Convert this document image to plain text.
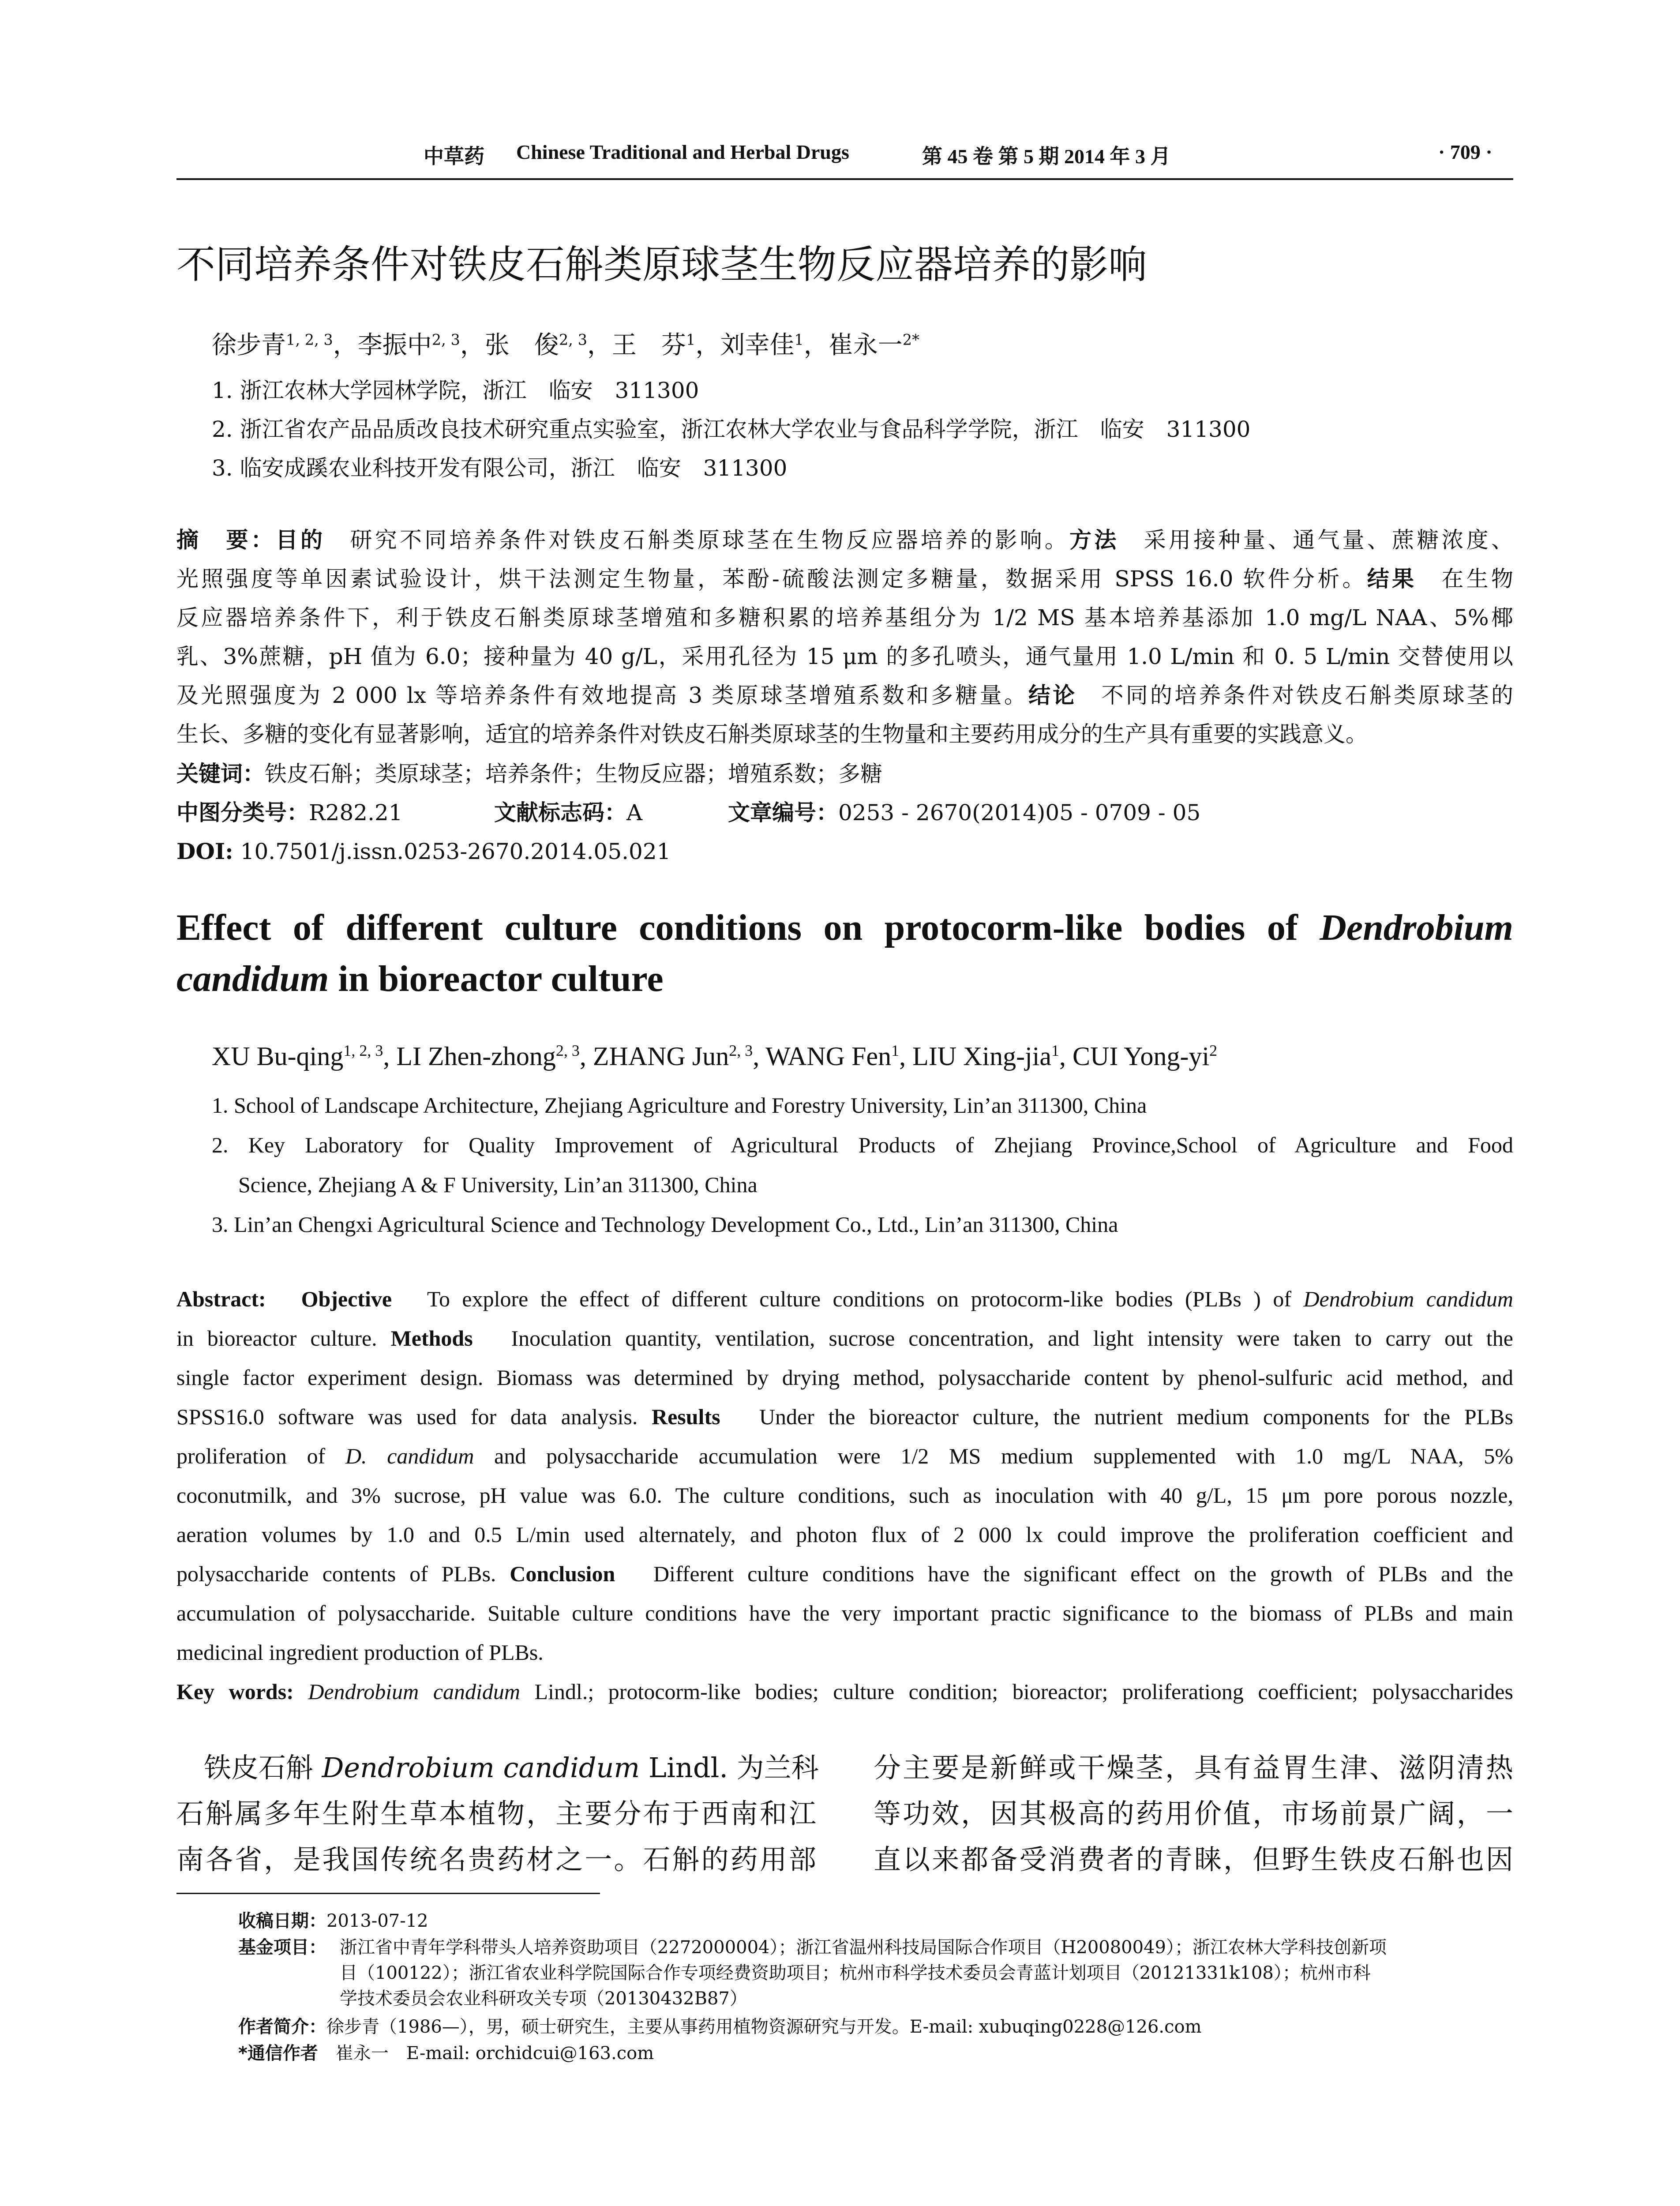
中草药 Chinese Traditional and Herbal Drugs	第 45 卷 第 5 期 2014 年 3 月	· 709 ·
不同培养条件对铁皮石斛类原球茎生物反应器培养的影响
徐步青$^{1, 2, 3}$，李振中$^{2, 3}$，张　俊$^{2, 3}$，王　芬$^1$，刘幸佳$^1$，崔永一$^{2*}$
1. 浙江农林大学园林学院，浙江　临安　311300
2. 浙江省农产品品质改良技术研究重点实验室，浙江农林大学农业与食品科学学院，浙江　临安　311300
3. 临安成蹊农业科技开发有限公司，浙江　临安　311300
摘　要：目的　研究不同培养条件对铁皮石斛类原球茎在生物反应器培养的影响。方法　采用接种量、通气量、蔗糖浓度、
光照强度等单因素试验设计，烘干法测定生物量，苯酚-硫酸法测定多糖量，数据采用 SPSS 16.0 软件分析。结果　在生物
反应器培养条件下，利于铁皮石斛类原球茎增殖和多糖积累的培养基组分为 1/2 MS 基本培养基添加 1.0 mg/L NAA、5%椰
乳、3%蔗糖，pH 值为 6.0；接种量为 40 g/L，采用孔径为 15 μm 的多孔喷头，通气量用 1.0 L/min 和 0. 5 L/min 交替使用以
及光照强度为 2 000 lx 等培养条件有效地提高 3 类原球茎增殖系数和多糖量。结论　不同的培养条件对铁皮石斛类原球茎的
生长、多糖的变化有显著影响，适宜的培养条件对铁皮石斛类原球茎的生物量和主要药用成分的生产具有重要的实践意义。
关键词：铁皮石斛；类原球茎；培养条件；生物反应器；增殖系数；多糖
中图分类号：R282.21	文献标志码：A	文章编号：0253 - 2670(2014)05 - 0709 - 05
DOI: 10.7501/j.issn.0253-2670.2014.05.021
Effect of different culture conditions on protocorm-like bodies of Dendrobium
candidum in bioreactor culture
XU Bu-qing$^{1, 2, 3}$, LI Zhen-zhong$^{2, 3}$, ZHANG Jun$^{2, 3}$, WANG Fen$^1$, LIU Xing-jia$^1$, CUI Yong-$yi^2$
1. School of Landscape Architecture, Zhejiang Agriculture and Forestry University, Lin’an 311300, China
2. Key Laboratory for Quality Improvement of Agricultural Products of Zhejiang Province,School of Agriculture and Food
Science, Zhejiang A & F University, Lin’an 311300, China
3. Lin’an Chengxi Agricultural Science and Technology Development Co., Ltd., Lin’an 311300, China
Abstract:　Objective　To explore the effect of different culture conditions on protocorm-like bodies (PLBs ) of Dendrobium candidum
in bioreactor culture. Methods　Inoculation quantity, ventilation, sucrose concentration, and light intensity were taken to carry out the
single factor experiment design. Biomass was determined by drying method, polysaccharide content by phenol-sulfuric acid method, and
SPSS16.0 software was used for data analysis. Results　Under the bioreactor culture, the nutrient medium components for the PLBs
proliferation of D. candidum and polysaccharide accumulation were 1/2 MS medium supplemented with 1.0 mg/L NAA, 5%
coconutmilk, and 3% sucrose, pH value was 6.0. The culture conditions, such as inoculation with 40 g/L, 15 μm pore porous nozzle,
aeration volumes by 1.0 and 0.5 L/min used alternately, and photon flux of 2 000 lx could improve the proliferation coefficient and
polysaccharide contents of PLBs. Conclusion　Different culture conditions have the significant effect on the growth of PLBs and the
accumulation of polysaccharide. Suitable culture conditions have the very important practic significance to the biomass of PLBs and main
medicinal ingredient production of PLBs.
Key words: Dendrobium candidum Lindl.; protocorm-like bodies; culture condition; bioreactor; proliferationg coefficient; polysaccharides
　铁皮石斛 Dendrobium candidum Lindl. 为兰科
石斛属多年生附生草本植物，主要分布于西南和江
南各省，是我国传统名贵药材之一。石斛的药用部
分主要是新鲜或干燥茎，具有益胃生津、滋阴清热
等功效，因其极高的药用价值，市场前景广阔，一
直以来都备受消费者的青睐，但野生铁皮石斛也因
收稿日期：2013-07-12
基金项目： 浙江省中青年学科带头人培养资助项目（2272000004）；浙江省温州科技局国际合作项目（H20080049）；浙江农林大学科技创新项
目（100122）；浙江省农业科学院国际合作专项经费资助项目；杭州市科学技术委员会青蓝计划项目（20121331k108）；杭州市科
学技术委员会农业科研攻关专项（20130432B87）
作者简介：徐步青（1986—），男，硕士研究生，主要从事药用植物资源研究与开发。E-mail: xubuqing0228@126.com
*通信作者　崔永一　E-mail: orchidcui@163.com
